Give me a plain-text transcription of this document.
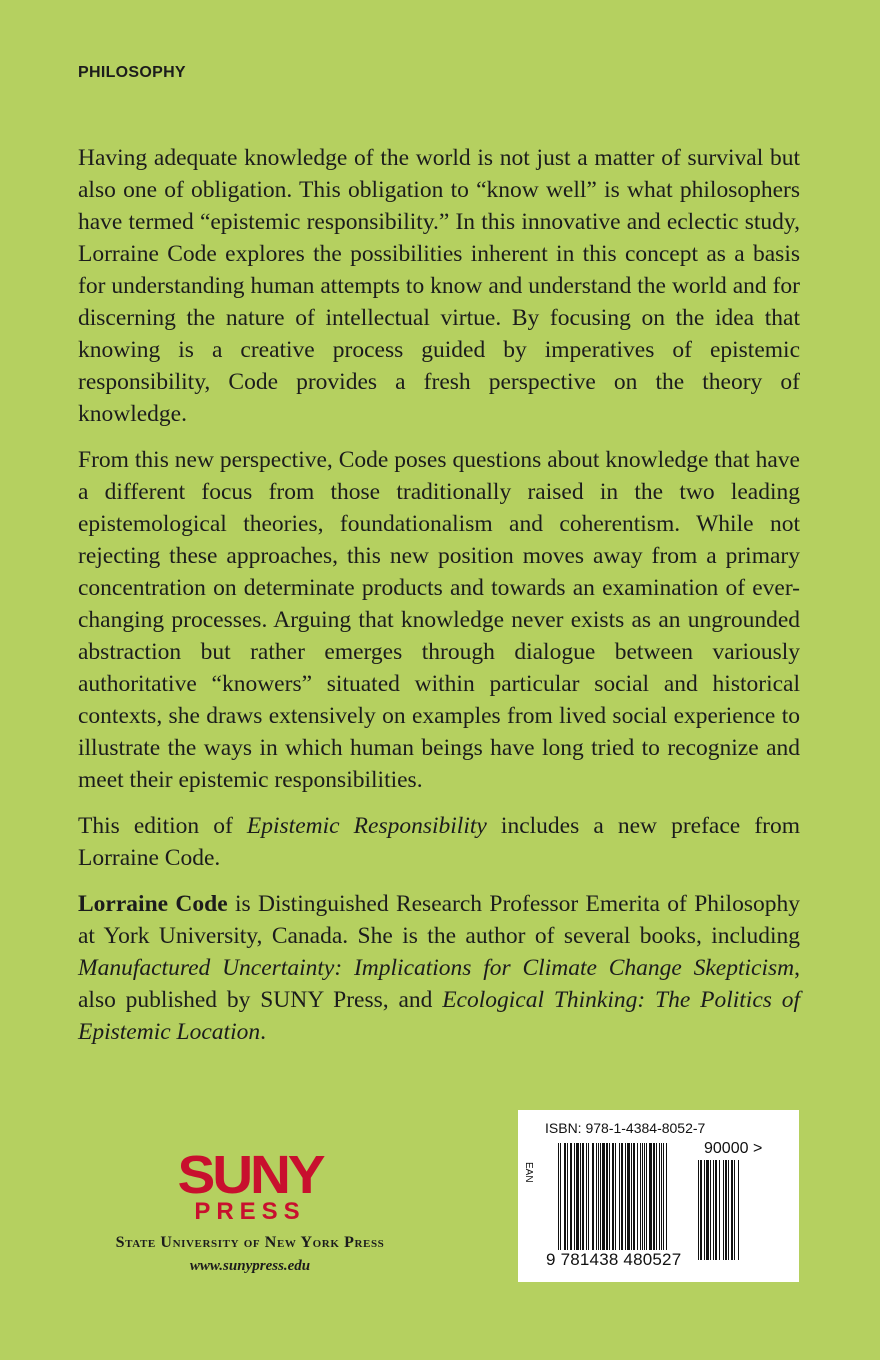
PHILOSOPHY

Having adequate knowledge of the world is not just a matter of survival but also one of obligation. This obligation to “know well” is what philosophers have termed “epistemic responsibility.” In this innovative and eclectic study, Lorraine Code explores the possibilities inherent in this concept as a basis for understanding human attempts to know and understand the world and for discerning the nature of intellectual virtue. By focusing on the idea that knowing is a creative process guided by imperatives of epistemic responsibility, Code provides a fresh perspective on the theory of knowledge.

From this new perspective, Code poses questions about knowledge that have a different focus from those traditionally raised in the two leading epistemological theories, foundationalism and coherentism. While not rejecting these approaches, this new position moves away from a primary concentration on determinate products and towards an examination of ever-changing processes. Arguing that knowledge never exists as an ungrounded abstraction but rather emerges through dialogue between variously authoritative “knowers” situated within particular social and historical contexts, she draws extensively on examples from lived social experience to illustrate the ways in which human beings have long tried to recognize and meet their epistemic responsibilities.

This edition of Epistemic Responsibility includes a new preface from Lorraine Code.

Lorraine Code is Distinguished Research Professor Emerita of Philosophy at York University, Canada. She is the author of several books, including Manufactured Uncertainty: Implications for Climate Change Skepticism, also published by SUNY Press, and Ecological Thinking: The Politics of Epistemic Location.

SUNY
PRESS
State University of New York Press
www.sunypress.edu
ISBN: 978-1-4384-8052-7
EAN
90000 >
9 781438 480527
